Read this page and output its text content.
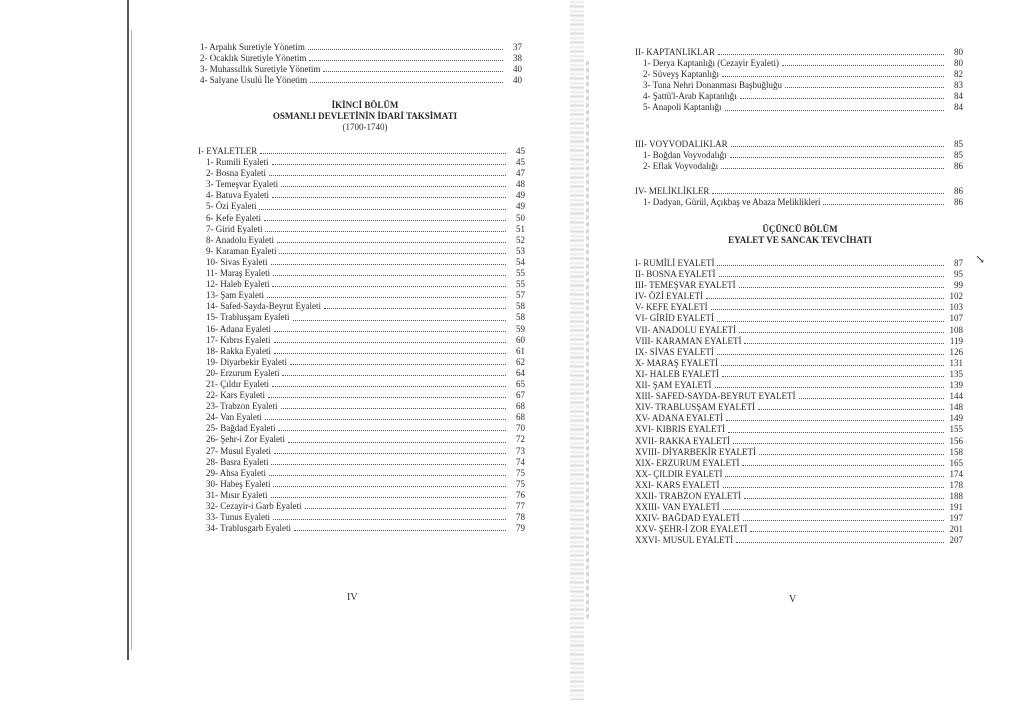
1- Arpalık Suretiyle Yönetim	37
2- Ocaklık Suretiyle Yönetim	38
3- Muhassıllık Suretiyle Yönetim	40
4- Salyane Usulü İle Yönetim	40
İKİNCİ BÖLÜM
OSMANLI DEVLETİNİN İDARİ TAKSİMATI
(1700-1740)
I- EYALETLER	45
1- Rumili Eyaleti	45
2- Bosna Eyaleti	47
3- Temeşvar Eyaleti	48
4- Batuva Eyaleti	49
5- Özi Eyaleti	49
6- Kefe Eyaleti	50
7- Girid Eyaleti	51
8- Anadolu Eyaleti	52
9- Karaman Eyaleti	53
10- Sivas Eyaleti	54
11- Maraş Eyaleti	55
12- Haleb Eyaleti	55
13- Şam Eyaleti	57
14- Safed-Sayda-Beyrut Eyaleti	58
15- Trablusşam Eyaleti	58
16- Adana Eyaleti	59
17- Kıbrıs Eyaleti	60
18- Rakka Eyaleti	61
19- Diyarbekir Eyaleti	62
20- Erzurum Eyaleti	64
21- Çıldır Eyaleti	65
22- Kars Eyaleti	67
23- Trabzon Eyaleti	68
24- Van Eyaleti	68
25- Bağdad Eyaleti	70
26- Şehr-i Zor Eyaleti	72
27- Musul Eyaleti	73
28- Basra Eyaleti	74
29- Ahsa Eyaleti	75
30- Habeş Eyaleti	75
31- Mısır Eyaleti	76
32- Cezayir-i Garb Eyaleti	77
33- Tunus Eyaleti	78
34- Trablusgarb Eyaleti	79
IV
II- KAPTANLIKLAR	80
1- Derya Kaptanlığı (Cezayir Eyaleti)	80
2- Süveyş Kaptanlığı	82
3- Tuna Nehri Donanması Başbuğluğu	83
4- Şattü'l-Arab Kaptanlığı	84
5- Anapoli Kaptanlığı	84
III- VOYVODALIKLAR	85
1- Boğdan Voyvodalığı	85
2- Eflak Voyvodalığı	86
IV- MELİKLİKLER	86
1- Dadyan, Gürül, Açıkbaş ve Abaza Meliklikleri	86
ÜÇÜNCÜ BÖLÜM
EYALET VE SANCAK TEVCİHATI
I- RUMİLİ EYALETİ	87
II- BOSNA EYALETİ	95
III- TEMEŞVAR EYALETİ	99
IV- ÖZİ EYALETİ	102
V- KEFE EYALETİ	103
VI- GİRİD EYALETİ	107
VII- ANADOLU EYALETİ	108
VIII- KARAMAN EYALETİ	119
IX- SİVAS EYALETİ	126
X- MARAŞ EYALETİ	131
XI- HALEB EYALETİ	135
XII- ŞAM EYALETİ	139
XIII- SAFED-SAYDA-BEYRUT EYALETİ	144
XIV- TRABLUSŞAM EYALETİ	148
XV- ADANA EYALETİ	149
XVI- KIBRIS EYALETİ	155
XVII- RAKKA EYALETİ	156
XVIII- DİYARBEKİR EYALETİ	158
XIX- ERZURUM EYALETİ	165
XX- ÇILDIR EYALETİ	174
XXI- KARS EYALETİ	178
XXII- TRABZON EYALETİ	188
XXIII- VAN EYALETİ	191
XXIV- BAĞDAD EYALETİ	197
XXV- ŞEHR-İ ZOR EYALETİ	201
XXVI- MUSUL EYALETİ	207
↘
V
